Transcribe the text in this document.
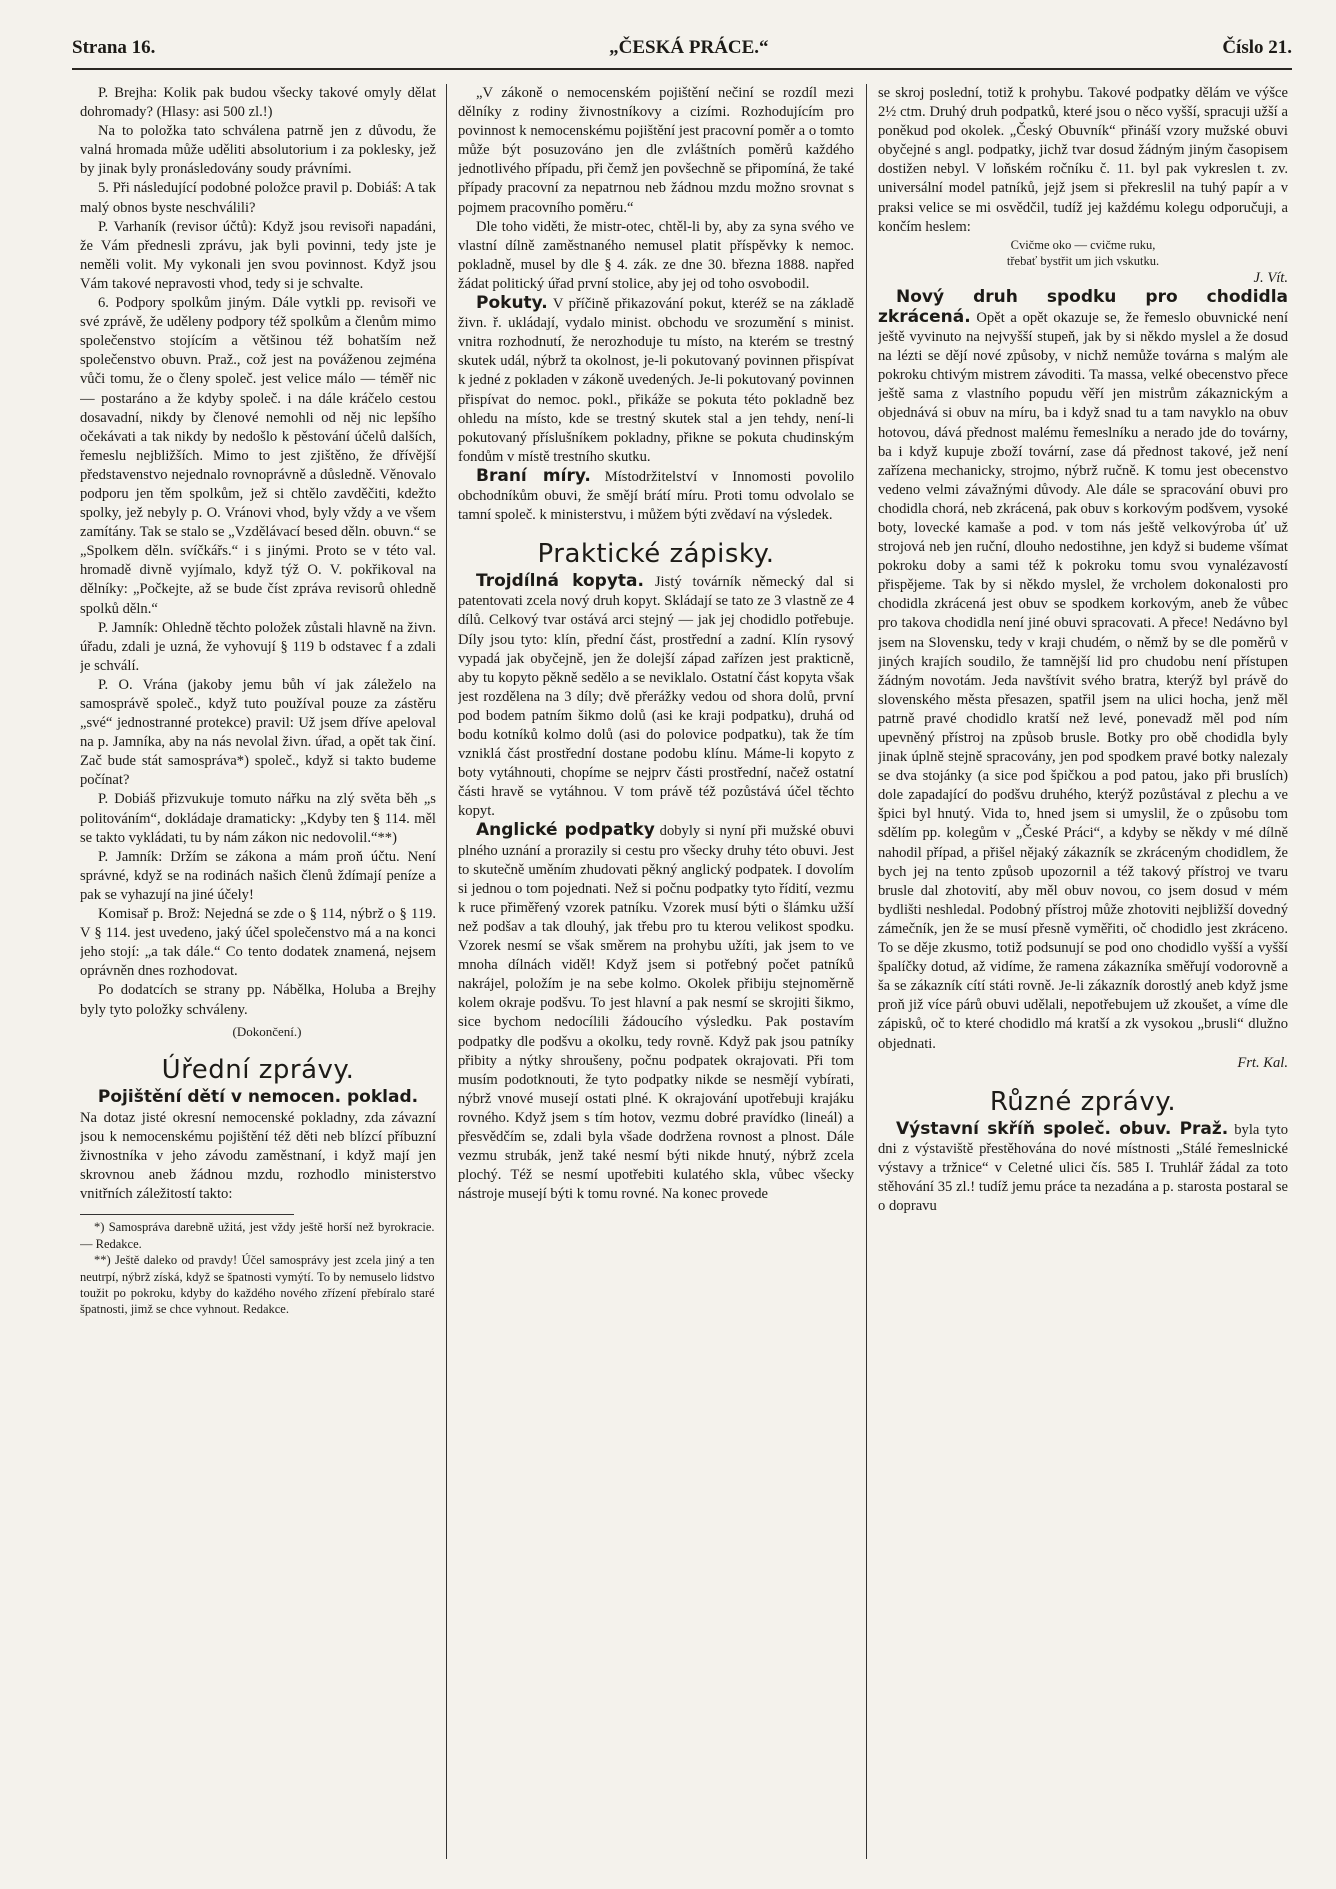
Strana 1​6.	„ČESKÁ PRÁCE.“	Číslo 21.

P. Brejha: Kolik pak budou všecky takové omyly dělat dohromady? (Hlasy: asi 500 zl.!)

Na to položka tato schválena patrně jen z důvodu, že valná hromada může uděliti absolutorium i za poklesky, jež by jinak byly pronásledovány soudy právními.

5. Při následující podobné položce pravil p. Dobiáš: A tak malý obnos byste neschválili?

P. Varhaník (revisor účtů): Když jsou revisoři napadáni, že Vám přednesli zprávu, jak byli povinni, tedy jste je neměli volit. My vykonali jen svou povinnost. Když jsou Vám takové nepravosti vhod, tedy si je schvalte.

6. Podpory spolkům jiným. Dále vytkli pp. revisoři ve své zprávě, že uděleny podpory též spolkům a členům mimo společenstvo stojícím a většinou též bohatším než společenstvo obuvn. Praž., což jest na pováženou zejména vůči tomu, že o členy společ. jest velice málo — téměř nic — postaráno a že kdyby společ. i na dále kráčelo cestou dosavadní, nikdy by členové nemohli od něj nic lepšího očekávati a tak nikdy by nedošlo k pěstování účelů dalších, řemeslu nejbližších. Mimo to jest zjištěno, že dřívější představenstvo nejednalo rovnoprávně a důsledně. Věnovalo podporu jen těm spolkům, jež si chtělo zavděčiti, kdežto spolky, jež nebyly p. O. Vránovi vhod, byly vždy a ve všem zamítány. Tak se stalo se „Vzdělávací besed děln. obuvn.“ se „Spolkem děln. svíčkářs.“ i s jinými. Proto se v této val. hromadě divně vyjímalo, když týž O. V. pokřikoval na dělníky: „Počkejte, až se bude číst zpráva revisorů ohledně spolků děln.“

P. Jamník: Ohledně těchto položek zůstali hlavně na živn. úřadu, zdali je uzná, že vyhovují § 119 b odstavec f a zdali je schválí.

P. O. Vrána (jakoby jemu bůh ví jak záleželo na samosprávě společ., když tuto používal pouze za zástěru „své“ jednostranné protekce) pravil: Už jsem dříve apeloval na p. Jamníka, aby na nás nevolal živn. úřad, a opět tak činí. Zač bude stát samospráva*) společ., když si takto budeme počínat?

P. Dobiáš přizvukuje tomuto nářku na zlý světa běh „s politováním“, dokládaje dramaticky: „Kdyby ten § 114. měl se takto vykládati, tu by nám zákon nic nedovolil.“**)

P. Jamník: Držím se zákona a mám proň účtu. Není správné, když se na rodinách našich členů ždímají peníze a pak se vyhazují na jiné účely!

Komisař p. Brož: Nejedná se zde o § 114, nýbrž o § 119. V § 114. jest uvedeno, jaký účel společenstvo má a na konci jeho stojí: „a tak dále.“ Co tento dodatek znamená, nejsem oprávněn dnes rozhodovat.

Po dodatcích se strany pp. Nábělka, Holuba a Brejhy byly tyto položky schváleny.

(Dokončení.)

Úřední zprávy.
Pojištění dětí v nemocen. poklad.

Na dotaz jisté okresní nemocenské pokladny, zda závazní jsou k nemocenskému pojištění též děti neb blízcí příbuzní živnostníka v jeho závodu zaměstnaní, i když mají jen skrovnou aneb žádnou mzdu, rozhodlo ministerstvo vnitřních záležitostí takto:

*) Samospráva darebně užitá, jest vždy ještě horší než byrokracie. — Redakce.

**) Ještě daleko od pravdy! Účel samosprávy jest zcela jiný a ten neutrpí, nýbrž získá, když se špatnosti vymýtí. To by nemuselo lidstvo toužit po pokroku, kdyby do každého nového zřízení přebíralo staré špatnosti, jimž se chce vyhnout. Redakce.

„V zákoně o nemocenském pojištění nečiní se rozdíl mezi dělníky z rodiny živnostníkovy a cizími. Rozhodujícím pro povinnost k nemocenskému pojištění jest pracovní poměr a o tomto může být posuzováno jen dle zvláštních poměrů každého jednotlivého případu, při čemž jen povšechně se připomíná, že také případy pracovní za nepatrnou neb žádnou mzdu možno srovnat s pojmem pracovního poměru.“

Dle toho viděti, že mistr-otec, chtěl-li by, aby za syna svého ve vlastní dílně zaměstnaného nemusel platit příspěvky k nemoc. pokladně, musel by dle § 4. zák. ze dne 30. března 1888. napřed žádat politický úřad první stolice, aby jej od toho osvobodil.

Pokuty. V příčině přikazování pokut, kteréž se na základě živn. ř. ukládají, vydalo minist. obchodu ve srozumění s minist. vnitra rozhodnutí, že nerozhoduje tu místo, na kterém se trestný skutek udál, nýbrž ta okolnost, je-li pokutovaný povinnen přispívat k jedné z pokladen v zákoně uvedených. Je-li pokutovaný povinnen přispívat do nemoc. pokl., přikáže se pokuta této pokladně bez ohledu na místo, kde se trestný skutek stal a jen tehdy, není-li pokutovaný příslušníkem pokladny, přikne se pokuta chudinským fondům v místě trestního skutku.

Braní míry. Místodržitelství v Innomosti povolilo obchodníkům obuvi, že smějí brátí míru. Proti tomu odvolalo se tamní společ. k ministerstvu, i můžem býti zvědaví na výsledek.

Praktické zápisky.

Trojdílná kopyta. Jistý továrník německý dal si patentovati zcela nový druh kopyt. Skládají se tato ze 3 vlastně ze 4 dílů. Celkový tvar ostává arci stejný — jak jej chodidlo potřebuje. Díly jsou tyto: klín, přední část, prostřední a zadní. Klín rysový vypadá jak obyčejně, jen že dolejší západ zařízen jest prakticně, aby tu kopyto pěkně sedělo a se neviklalo. Ostatní část kopyta však jest rozdělena na 3 díly; dvě přerážky vedou od shora dolů, první pod bodem patním šikmo dolů (asi ke kraji podpatku), druhá od bodu kotníků kolmo dolů (asi do polovice podpatku), tak že tím vzniklá část prostřední dostane podobu klínu. Máme-li kopyto z boty vytáhnouti, chopíme se nejprv části prostřední, načež ostatní části hravě se vytáhnou. V tom právě též pozůstává účel těchto kopyt.

Anglické podpatky dobyly si nyní při mužské obuvi plného uznání a prorazily si cestu pro všecky druhy této obuvi. Jest to skutečně uměním zhudovati pěkný anglický podpatek. I dovolím si jednou o tom pojednati. Než si počnu podpatky tyto řídití, vezmu k ruce přiměřený vzorek patníku. Vzorek musí býti o šlámku užší než podšav a tak dlouhý, jak třebu pro tu kterou velikost spodku. Vzorek nesmí se však směrem na prohybu užíti, jak jsem to ve mnoha dílnách viděl! Když jsem si potřebný počet patníků nakrájel, položím je na sebe kolmo. Okolek přibiju stejnoměrně kolem okraje podšvu. To jest hlavní a pak nesmí se skrojiti šikmo, sice bychom nedocílili žádoucího výsledku. Pak postavím podpatky dle podšvu a okolku, tedy rovně. Když pak jsou patníky přibity a nýtky shroušeny, počnu podpatek okrajovati. Při tom musím podotknouti, že tyto podpatky nikde se nesmějí vybírati, nýbrž vnové musejí ostati plné. K okrajování upotřebuji krajáku rovného. Když jsem s tím hotov, vezmu dobré pravídko (lineál) a přesvědčím se, zdali byla všade dodržena rovnost a plnost. Dále vezmu strubák, jenž také nesmí býti nikde hnutý, nýbrž zcela plochý. Též se nesmí upotřebiti kulatého skla, vůbec všecky nástroje musejí býti k tomu rovné. Na konec provede

se skroj poslední, totiž k prohybu. Takové podpatky dělám ve výšce 2½ ctm. Druhý druh podpatků, které jsou o něco vyšší, spracuji užší a poněkud pod okolek. „Český Obuvník“ přináší vzory mužské obuvi obyčejné s angl. podpatky, jichž tvar dosud žádným jiným časopisem dostižen nebyl. V loňském ročníku č. 11. byl pak vykreslen t. zv. universální model patníků, jejž jsem si překreslil na tuhý papír a v praksi velice se mi osvědčil, tudíž jej každému kolegu odporučuji, a končím heslem:

Cvičme oko — cvičme ruku,

třebať bystřit um jich vskutku.

J. Vít.

Nový druh spodku pro chodidla zkrácená. Opět a opět okazuje se, že řemeslo obuvnické není ještě vyvinuto na nejvyšší stupeň, jak by si někdo myslel a že dosud na lézti se dějí nové způsoby, v nichž nemůže továrna s malým ale pokroku chtivým mistrem závoditi. Ta massa, velké obecenstvo přece ještě sama z vlastního popudu věří jen mistrům zákaznickým a objednává si obuv na míru, ba i když snad tu a tam navyklo na obuv hotovou, dává přednost malému řemeslníku a nerado jde do továrny, ba i když kupuje zboží tovární, zase dá přednost takové, jež není zařízena mechanicky, strojmo, nýbrž ručně. K tomu jest obecenstvo vedeno velmi závažnými důvody. Ale dále se spracování obuvi pro chodidla chorá, neb zkrácená, pak obuv s korkovým podšvem, vysoké boty, lovecké kamaše a pod. v tom nás ještě velkovýroba úť už strojová neb jen ruční, dlouho nedostihne, jen když si budeme všímat pokroku doby a sami též k pokroku tomu svou vynalézavostí přispějeme. Tak by si někdo myslel, že vrcholem dokonalosti pro chodidla zkrácená jest obuv se spodkem korkovým, aneb že vůbec pro takova chodidla není jiné obuvi spracovati. A přece! Nedávno byl jsem na Slovensku, tedy v kraji chudém, o němž by se dle poměrů v jiných krajích soudilo, že tamnější lid pro chudobu není přístupen žádným novotám. Jeda navštívit svého bratra, kterýž byl právě do slovenského města přesazen, spatřil jsem na ulici hocha, jenž měl patrně pravé chodidlo kratší než levé, ponevadž měl pod ním upevněný přístroj na způsob brusle. Botky pro obě chodidla byly jinak úplně stejně spracovány, jen pod spodkem pravé botky nalezaly se dva stojánky (a sice pod špičkou a pod patou, jako při bruslích) dole zapadající do podšvu druhého, kterýž pozůstával z plechu a ve špici byl hnutý. Vida to, hned jsem si umyslil, že o způsobu tom sdělím pp. kolegům v „České Práci“, a kdyby se někdy v mé dílně nahodil případ, a přišel nějaký zákazník se zkráceným chodidlem, že bych jej na tento způsob upozornil a též takový přístroj ve tvaru brusle dal zhotovití, aby měl obuv novou, co jsem dosud v mém bydlišti neshledal. Podobný přístroj může zhotoviti nejbližší dovedný zámečník, jen že se musí přesně vyměřiti, oč chodidlo jest zkráceno. To se děje zkusmo, totiž podsunují se pod ono chodidlo vyšší a vyšší špalíčky dotud, až vidíme, že ramena zákazníka směřují vodorovně a ša se zákazník cítí státi rovně. Je-li zákazník dorostlý aneb když jsme proň již více párů obuvi udělali, nepotřebujem už zkoušet, a víme dle zápisků, oč to které chodidlo má kratší a zk vysokou „brusli“ dlužno objednati.

Frt. Kal.

Různé zprávy.

Výstavní skříň společ. obuv. Praž. byla tyto dni z výstaviště přestěhována do nové místnosti „Stálé řemeslnické výstavy a tržnice“ v Celetné ulici čís. 585 I. Truhlář žádal za toto stěhování 35 zl.! tudíž jemu práce ta nezadána a p. starosta postaral se o dopravu
